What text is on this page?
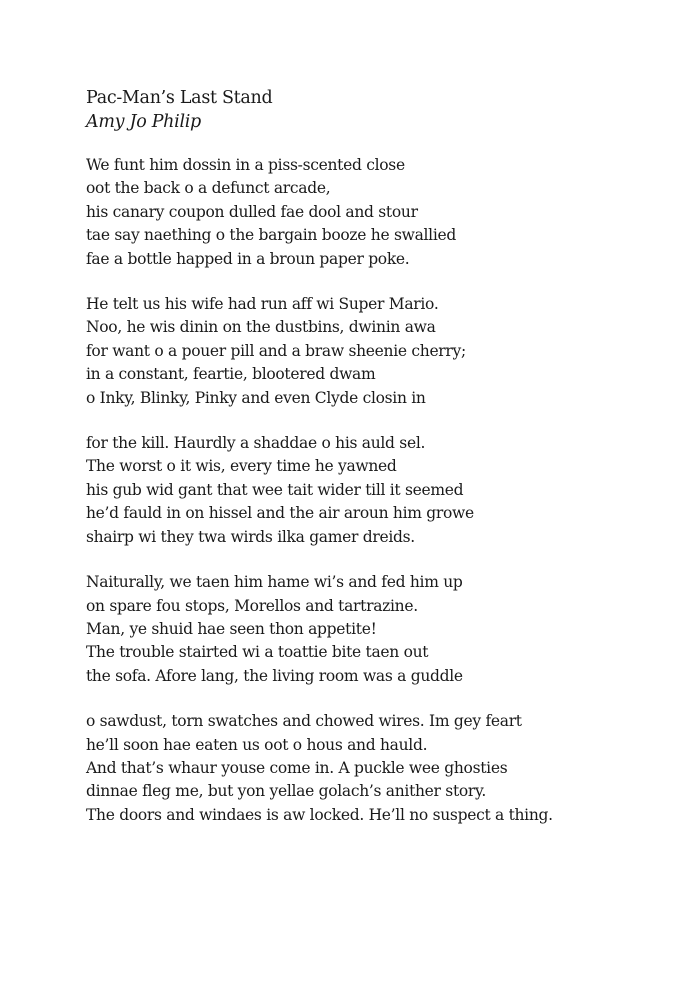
Pac-Man’s Last Stand
Amy Jo Philip
We funt him dossin in a piss-scented close
oot the back o a defunct arcade,
his canary coupon dulled fae dool and stour
tae say naething o the bargain booze he swallied
fae a bottle happed in a broun paper poke.
He telt us his wife had run aff wi Super Mario.
Noo, he wis dinin on the dustbins, dwinin awa
for want o a pouer pill and a braw sheenie cherry;
in a constant, feartie, blootered dwam
o Inky, Blinky, Pinky and even Clyde closin in
for the kill. Haurdly a shaddae o his auld sel.
The worst o it wis, every time he yawned
his gub wid gant that wee tait wider till it seemed
he’d fauld in on hissel and the air aroun him growe
shairp wi they twa wirds ilka gamer dreids.
Naiturally, we taen him hame wi’s and fed him up
on spare fou stops, Morellos and tartrazine.
Man, ye shuid hae seen thon appetite!
The trouble stairted wi a toattie bite taen out
the sofa. Afore lang, the living room was a guddle
o sawdust, torn swatches and chowed wires. Im gey feart
he’ll soon hae eaten us oot o hous and hauld.
And that’s whaur youse come in. A puckle wee ghosties
dinnae fleg me, but yon yellae golach’s anither story.
The doors and windaes is aw locked. He’ll no suspect a thing.
